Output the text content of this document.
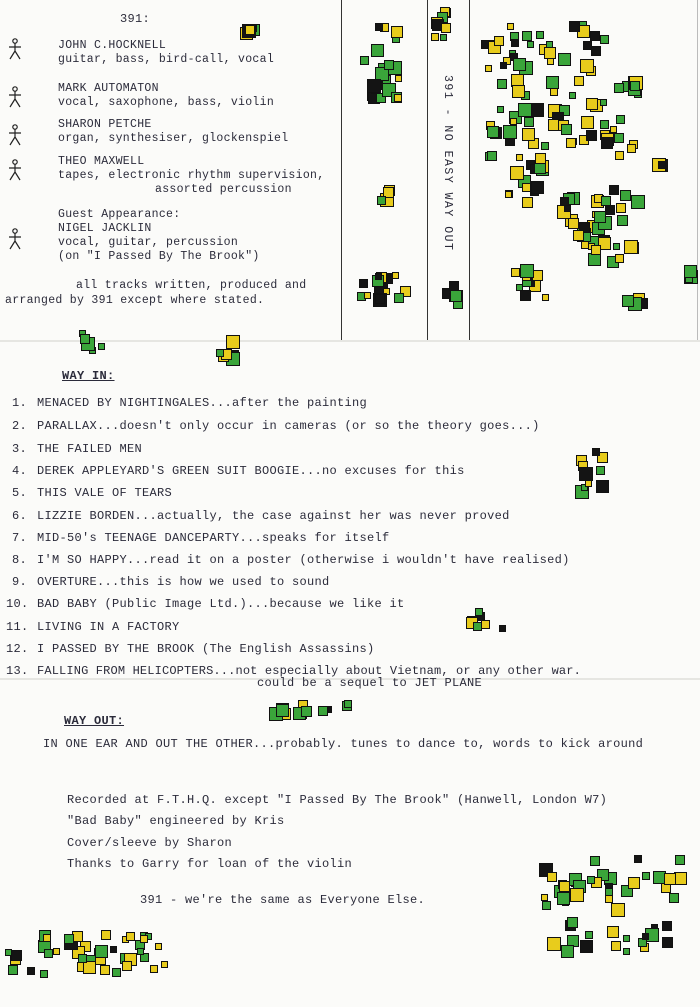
391:
JOHN C.HOCKNELL
guitar, bass, bird-call, vocal
MARK AUTOMATON
vocal, saxophone, bass, violin
SHARON PETCHE
organ, synthesiser, glockenspiel
THEO MAXWELL
tapes, electronic rhythm supervision,
assorted percussion
Guest Appearance:
NIGEL JACKLIN
vocal, guitar, percussion
(on "I Passed By The Brook")
all tracks written, produced and
arranged by 391 except where stated.
391 - NO EASY WAY OUT
WAY IN:
1. MENACED BY NIGHTINGALES...after the painting
2. PARALLAX...doesn't only occur in cameras (or so the theory goes...)
3. THE FAILED MEN
4. DEREK APPLEYARD'S GREEN SUIT BOOGIE...no excuses for this
5. THIS VALE OF TEARS
6. LIZZIE BORDEN...actually, the case against her was never proved
7. MID-50's TEENAGE DANCEPARTY...speaks for itself
8. I'M SO HAPPY...read it on a poster (otherwise i wouldn't have realised)
9. OVERTURE...this is how we used to sound
10. BAD BABY (Public Image Ltd.)...because we like it
11. LIVING IN A FACTORY
12. I PASSED BY THE BROOK (The English Assassins)
13. FALLING FROM HELICOPTERS...not especially about Vietnam, or any other war.
could be a sequel to JET PLANE
WAY OUT:
IN ONE EAR AND OUT THE OTHER...probably. tunes to dance to, words to kick around
Recorded at F.T.H.Q. except "I Passed By The Brook" (Hanwell, London W7)
"Bad Baby" engineered by Kris
Cover/sleeve by Sharon
Thanks to Garry for loan of the violin
391 - we're the same as Everyone Else.
